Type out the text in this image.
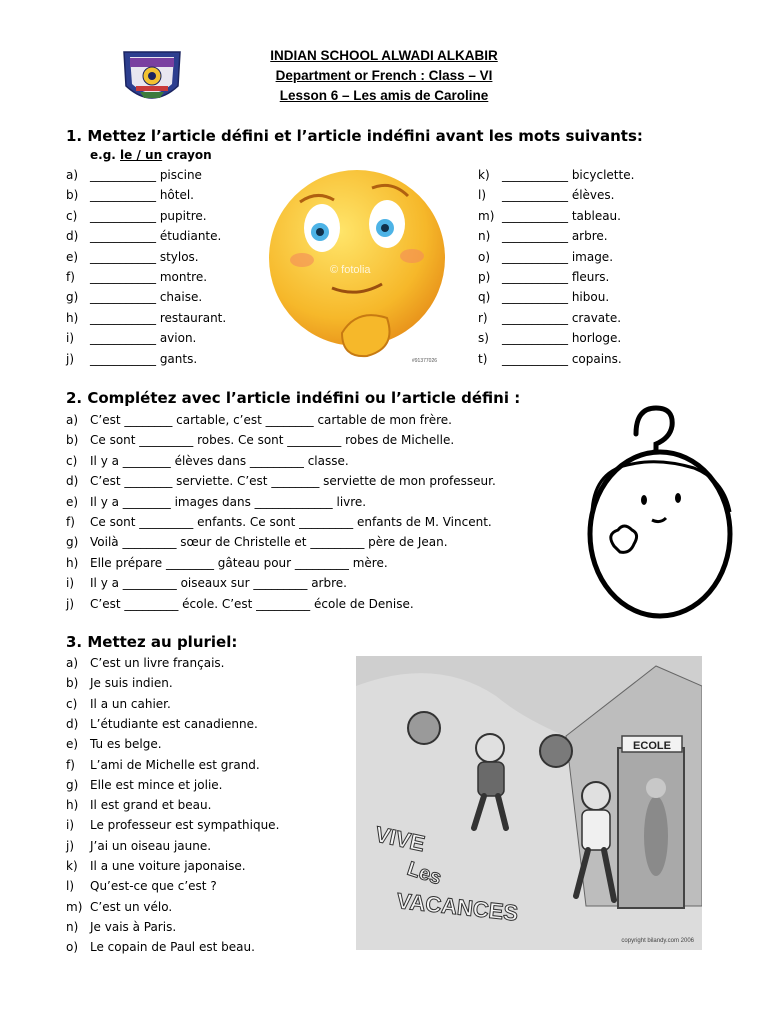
INDIAN SCHOOL ALWADI ALKABIR
Department or French : Class – VI
Lesson 6 – Les amis de Caroline
1. Mettez l’article défini et l’article indéfini avant les mots suivants:
e.g. le / un crayon
a) ___________ piscine
b) ___________ hôtel.
c) ___________ pupitre.
d) ___________ étudiante.
e) ___________ stylos.
f) ___________ montre.
g) ___________ chaise.
h) ___________ restaurant.
i) ___________ avion.
j) ___________ gants.
k) ___________ bicyclette.
l) ___________ élèves.
m) ___________ tableau.
n) ___________ arbre.
o) ___________ image.
p) ___________ fleurs.
q) ___________ hibou.
r) ___________ cravate.
s) ___________ horloge.
t) ___________ copains.
© fotolia
#91377026
2. Complétez avec l’article indéfini ou l’article défini :
a) C’est ________ cartable, c’est ________ cartable de mon frère.
b) Ce sont _________ robes. Ce sont _________ robes de Michelle.
c) Il y a ________ élèves dans _________ classe.
d) C’est ________ serviette. C’est ________ serviette de mon professeur.
e) Il y a ________ images dans _____________ livre.
f) Ce sont _________ enfants. Ce sont _________ enfants de M. Vincent.
g) Voilà _________ sœur de Christelle et _________ père de Jean.
h) Elle prépare ________ gâteau pour _________ mère.
i) Il y a _________ oiseaux sur _________ arbre.
j) C’est _________ école. C’est _________ école de Denise.
3. Mettez au pluriel:
a) C’est un livre français.
b) Je suis indien.
c) Il a un cahier.
d) L’étudiante est canadienne.
e) Tu es belge.
f) L’ami de Michelle est grand.
g) Elle est mince et jolie.
h) Il est grand et beau.
i) Le professeur est sympathique.
j) J’ai un oiseau jaune.
k) Il a une voiture japonaise.
l) Qu’est-ce que c’est ?
m) C’est un vélo.
n) Je vais à Paris.
o) Le copain de Paul est beau.
ECOLE
VIVE
Les
VACANCES
copyright bilandy.com 2006
